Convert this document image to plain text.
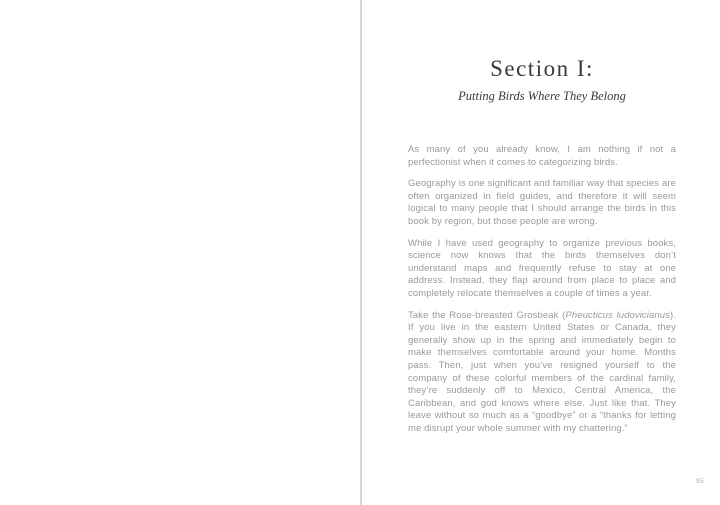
Section I:
Putting Birds Where They Belong

As many of you already know, I am nothing if not a perfectionist when it comes to categorizing birds.

Geography is one significant and familiar way that species are often organized in field guides, and therefore it will seem logical to many people that I should arrange the birds in this book by region, but those people are wrong.

While I have used geography to organize previous books, science now knows that the birds themselves don’t understand maps and frequently refuse to stay at one address. Instead, they flap around from place to place and completely relocate themselves a couple of times a year.

Take the Rose-breasted Grosbeak (Pheucticus ludovicianus). If you live in the eastern United States or Canada, they generally show up in the spring and immediately begin to make themselves comfortable around your home. Months pass. Then, just when you’ve resigned yourself to the company of these colorful members of the cardinal family, they’re suddenly off to Mexico, Central America, the Caribbean, and god knows where else. Just like that. They leave without so much as a “goodbye” or a “thanks for letting me disrupt your whole summer with my chattering.”

95
